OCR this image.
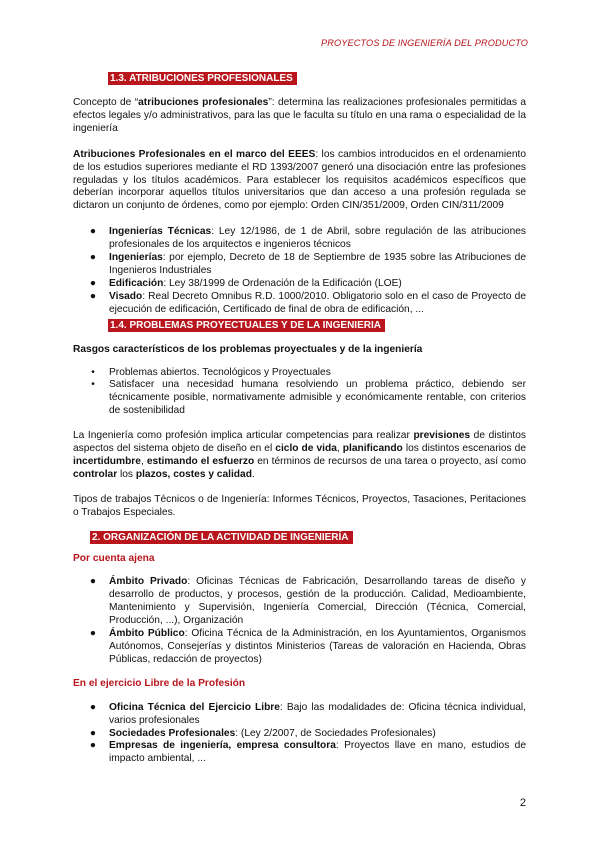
PROYECTOS DE INGENIERÍA DEL PRODUCTO
1.3. ATRIBUCIONES PROFESIONALES

Concepto de “atribuciones profesionales”: determina las realizaciones profesionales permitidas a efectos legales y/o administrativos, para las que le faculta su título en una rama o especialidad de la ingeniería

Atribuciones Profesionales en el marco del EEES: los cambios introducidos en el ordenamiento de los estudios superiores mediante el RD 1393/2007 generó una disociación entre las profesiones reguladas y los títulos académicos. Para establecer los requisitos académicos específicos que deberían incorporar aquellos títulos universitarios que dan acceso a una profesión regulada se dictaron un conjunto de órdenes, como por ejemplo: Orden CIN/351/2009, Orden CIN/311/2009

● Ingenierías Técnicas: Ley 12/1986, de 1 de Abril, sobre regulación de las atribuciones profesionales de los arquitectos e ingenieros técnicos
● Ingenierías: por ejemplo, Decreto de 18 de Septiembre de 1935 sobre las Atribuciones de Ingenieros Industriales
● Edificación: Ley 38/1999 de Ordenación de la Edificación (LOE)
● Visado: Real Decreto Omnibus R.D. 1000/2010. Obligatorio solo en el caso de Proyecto de ejecución de edificación, Certificado de final de obra de edificación, ...
1.4. PROBLEMAS PROYECTUALES Y DE LA INGENIERIA

Rasgos característicos de los problemas proyectuales y de la ingeniería

•	Problemas abiertos. Tecnológicos y Proyectuales
•	Satisfacer una necesidad humana resolviendo un problema práctico, debiendo ser técnicamente posible, normativamente admisible y económicamente rentable, con criterios de sostenibilidad

La Ingeniería como profesión implica articular competencias para realizar previsiones de distintos aspectos del sistema objeto de diseño en el ciclo de vida, planificando los distintos escenarios de incertidumbre, estimando el esfuerzo en términos de recursos de una tarea o proyecto, así como controlar los plazos, costes y calidad.

Tipos de trabajos Técnicos o de Ingeniería: Informes Técnicos, Proyectos, Tasaciones, Peritaciones o Trabajos Especiales.

2. ORGANIZACIÓN DE LA ACTIVIDAD DE INGENIERÍA

Por cuenta ajena

● Ámbito Privado: Oficinas Técnicas de Fabricación, Desarrollando tareas de diseño y desarrollo de productos, y procesos, gestión de la producción. Calidad, Medioambiente, Mantenimiento y Supervisión, Ingeniería Comercial, Dirección (Técnica, Comercial, Producción, ...), Organización
● Ámbito Público: Oficina Técnica de la Administración, en los Ayuntamientos, Organismos Autónomos, Consejerías y distintos Ministerios (Tareas de valoración en Hacienda, Obras Públicas, redacción de proyectos)

En el ejercicio Libre de la Profesión

● Oficina Técnica del Ejercicio Libre: Bajo las modalidades de: Oficina técnica individual, varios profesionales
● Sociedades Profesionales: (Ley 2/2007, de Sociedades Profesionales)
● Empresas de ingeniería, empresa consultora: Proyectos llave en mano, estudios de impacto ambiental, ...
2
